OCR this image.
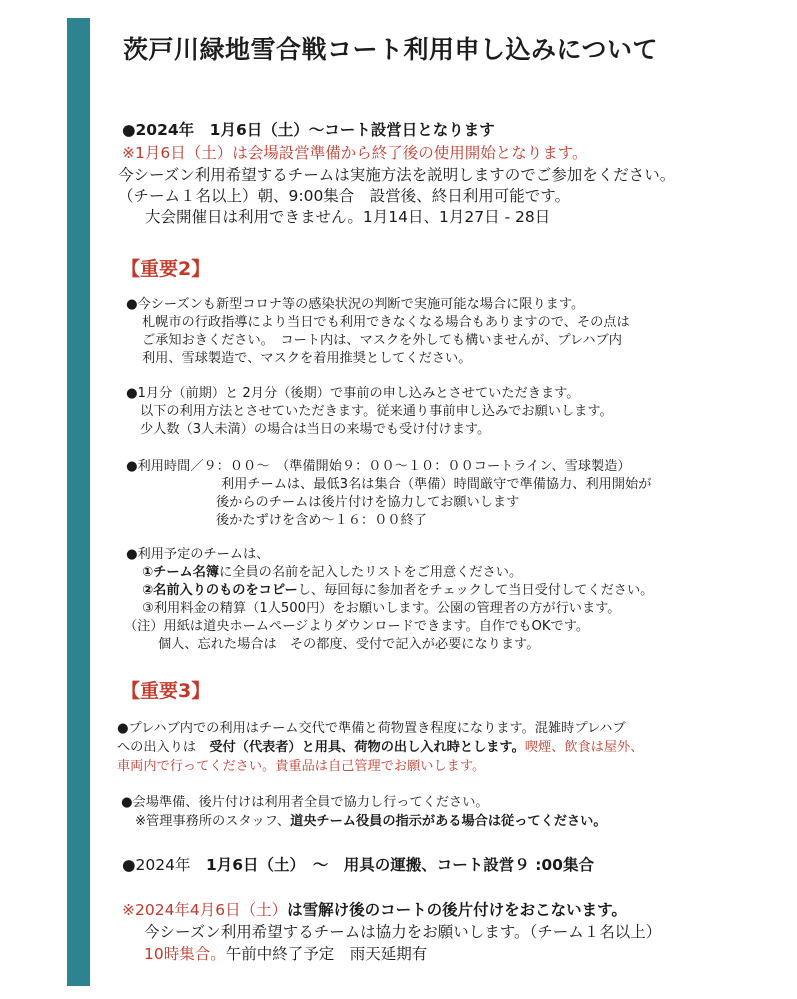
茨戸川緑地雪合戦コート利用申し込みについて
●2024年　1月6日（土）～コート設営日となります
※1月6日（土）は会場設営準備から終了後の使用開始となります。
今シーズン利用希望するチームは実施方法を説明しますのでご参加をください。
（チーム１名以上）朝、9:00集合　設営後、終日利用可能です。
大会開催日は利用できません。1月14日、1月27日 - 28日
【重要2】
●今シーズンも新型コロナ等の感染状況の判断で実施可能な場合に限ります。
札幌市の行政指導により当日でも利用できなくなる場合もありますので、その点は
ご承知おきください。　コート内は、マスクを外しても構いませんが、プレハブ内
利用、雪球製造で、マスクを着用推奨としてください。
●1月分（前期）と 2月分（後期）で事前の申し込みとさせていただきます。
以下の利用方法とさせていただきます。従来通り事前申し込みでお願いします。
少人数（3人未満）の場合は当日の来場でも受け付けます。
●利用時間／９：００～　（準備開始９：００～１０：００コートライン、雪球製造）
利用チームは、最低3名は集合（準備）時間厳守で準備協力、利用開始が
後からのチームは後片付けを協力してお願いします
後かたずけを含め～１６：００終了
●利用予定のチームは、
①チーム名簿に全員の名前を記入したリストをご用意ください。
②名前入りのものをコピーし、毎回每に参加者をチェックして当日受付してください。
③利用料金の精算（1人500円）をお願いします。公園の管理者の方が行います。
（注）用紙は道央ホームページよりダウンロードできます。自作でもOKです。
個人、忘れた場合は　その都度、受付で記入が必要になります。
【重要3】
●プレハブ内での利用はチーム交代で準備と荷物置き程度になります。混雑時プレハブ
への出入りは　受付（代表者）と用具、荷物の出し入れ時とします。喫煙、飲食は屋外、
車両内で行ってください。貴重品は自己管理でお願いします。
●会場準備、後片付けは利用者全員で協力し行ってください。
※管理事務所のスタッフ、道央チーム役員の指示がある場合は従ってください。
●2024年　1月6日（土）　～　用具の運搬、コート設営９ :00集合
※2024年4月6日（土）は雪解け後のコートの後片付けをおこないます。
今シーズン利用希望するチームは協力をお願いします。（チーム１名以上）
10時集合。午前中終了予定　雨天延期有
